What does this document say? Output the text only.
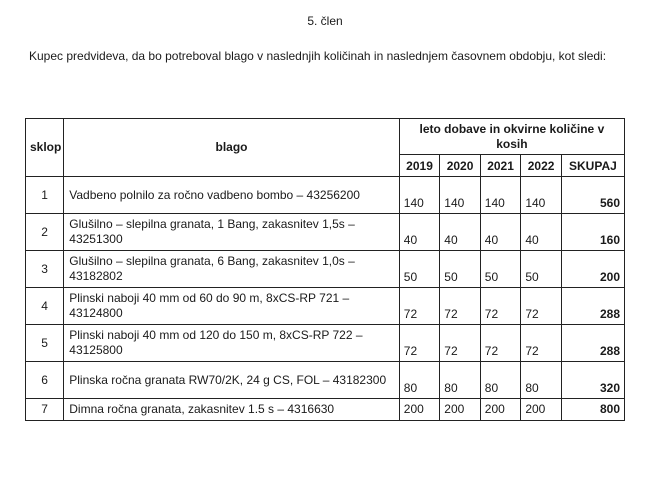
5. člen
Kupec predvideva, da bo potreboval blago v naslednjih količinah in naslednjem časovnem obdobju, kot sledi:
sklop	blago	leto dobave in okvirne količine v kosih				
		2019	2020	2021	2022	SKUPAJ
1	Vadbeno polnilo za ročno vadbeno bombo – 43256200	140	140	140	140	560
2	Glušilno – slepilna granata, 1 Bang, zakasnitev 1,5s – 43251300	40	40	40	40	160
3	Glušilno – slepilna granata, 6 Bang, zakasnitev 1,0s – 43182802	50	50	50	50	200
4	Plinski naboji 40 mm od 60 do 90 m, 8xCS-RP 721 – 43124800	72	72	72	72	288
5	Plinski naboji 40 mm od 120 do 150 m, 8xCS-RP 722 – 43125800	72	72	72	72	288
6	Plinska ročna granata RW70/2K, 24 g CS, FOL – 43182300	80	80	80	80	320
7	Dimna ročna granata, zakasnitev 1.5 s – 4316630	200	200	200	200	800
